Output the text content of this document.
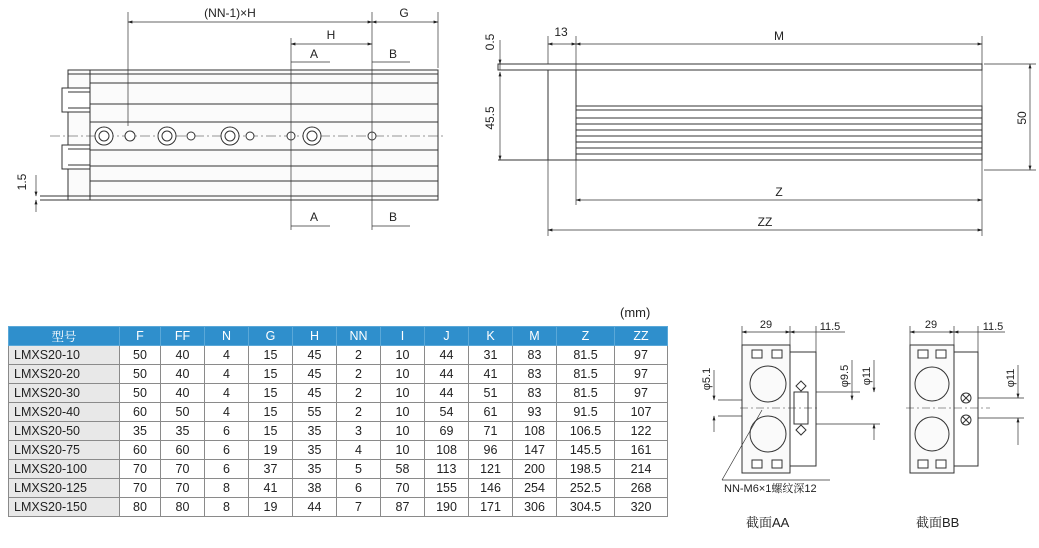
(NN-1)×H	G
H
A	B
A	B
1.5
13	M
Z
ZZ
0.5
45.5	50
29	11.5
φ5.1	φ9.5 φ11
NN-M6×1螺纹深12
29	11.5
φ11
(mm)
型号	F	FF	N	G	H	NN	I	J	K	M	Z	ZZ
LMXS20-10	50	40	4	15	45	2	10	44	31	83	81.5	97
LMXS20-20	50	40	4	15	45	2	10	44	41	83	81.5	97
LMXS20-30	50	40	4	15	45	2	10	44	51	83	81.5	97
LMXS20-40	60	50	4	15	55	2	10	54	61	93	91.5	107
LMXS20-50	35	35	6	15	35	3	10	69	71	108	106.5	122
LMXS20-75	60	60	6	19	35	4	10	108	96	147	145.5	161
LMXS20-100	70	70	6	37	35	5	58	113	121	200	198.5	214
LMXS20-125	70	70	8	41	38	6	70	155	146	254	252.5	268
LMXS20-150	80	80	8	19	44	7	87	190	171	306	304.5	320
截面AA	截面BB
